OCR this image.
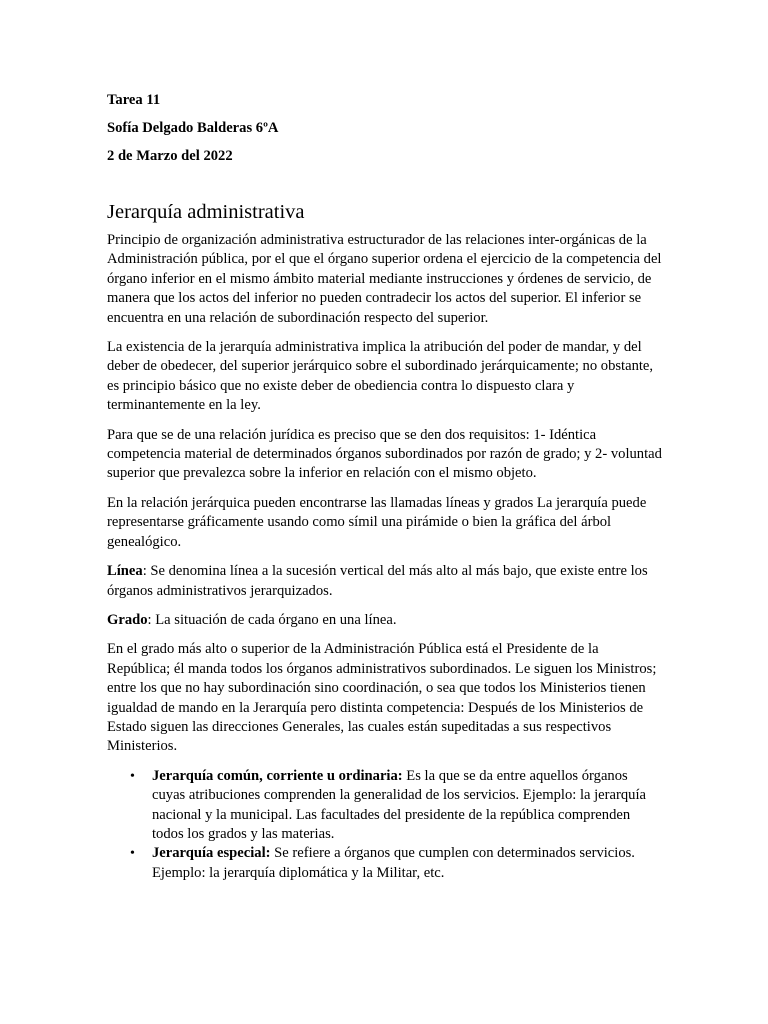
Tarea 11
Sofía Delgado Balderas 6ºA
2 de Marzo del 2022
Jerarquía administrativa

Principio de organización administrativa estructurador de las relaciones inter-orgánicas de la Administración pública, por el que el órgano superior ordena el ejercicio de la competencia del órgano inferior en el mismo ámbito material mediante instrucciones y órdenes de servicio, de manera que los actos del inferior no pueden contradecir los actos del superior. El inferior se encuentra en una relación de subordinación respecto del superior.

La existencia de la jerarquía administrativa implica la atribución del poder de mandar, y del deber de obedecer, del superior jerárquico sobre el subordinado jerárquicamente; no obstante, es principio básico que no existe deber de obediencia contra lo dispuesto clara y terminantemente en la ley.

Para que se de una relación jurídica es preciso que se den dos requisitos: 1- Idéntica competencia material de determinados órganos subordinados por razón de grado; y 2- voluntad superior que prevalezca sobre la inferior en relación con el mismo objeto.

En la relación jerárquica pueden encontrarse las llamadas líneas y grados La jerarquía puede representarse gráficamente usando como símil una pirámide o bien la gráfica del árbol genealógico.

Línea: Se denomina línea a la sucesión vertical del más alto al más bajo, que existe entre los órganos administrativos jerarquizados.

Grado: La situación de cada órgano en una línea.

En el grado más alto o superior de la Administración Pública está el Presidente de la República; él manda todos los órganos administrativos subordinados. Le siguen los Ministros; entre los que no hay subordinación sino coordinación, o sea que todos los Ministerios tienen igualdad de mando en la Jerarquía pero distinta competencia: Después de los Ministerios de Estado siguen las direcciones Generales, las cuales están supeditadas a sus respectivos Ministerios.

• Jerarquía común, corriente u ordinaria: Es la que se da entre aquellos órganos cuyas atribuciones comprenden la generalidad de los servicios. Ejemplo: la jerarquía nacional y la municipal. Las facultades del presidente de la república comprenden todos los grados y las materias.
• Jerarquía especial: Se refiere a órganos que cumplen con determinados servicios. Ejemplo: la jerarquía diplomática y la Militar, etc.
